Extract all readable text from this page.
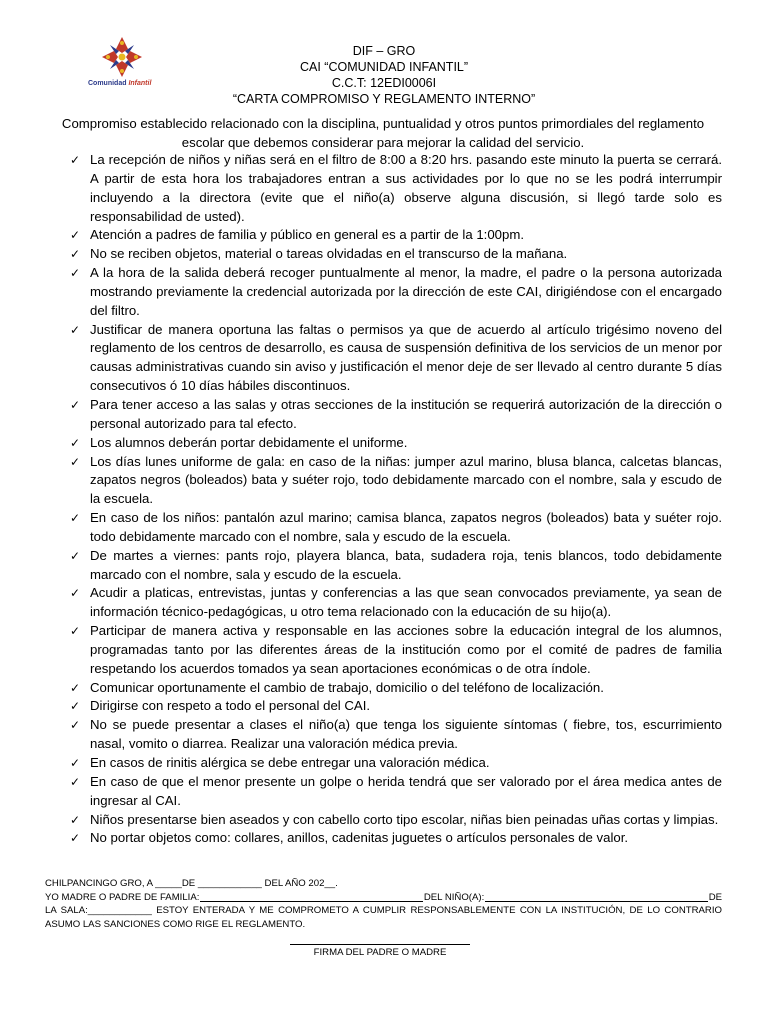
Comunidad Infantil
DIF – GRO
CAI “COMUNIDAD INFANTIL”
C.C.T: 12EDI0006I
“CARTA COMPROMISO Y REGLAMENTO INTERNO”
Compromiso establecido relacionado con la disciplina, puntualidad y otros puntos primordiales del reglamento escolar que debemos considerar para mejorar la calidad del servicio.
✓ La recepción de niños y niñas será en el filtro de 8:00 a 8:20 hrs. pasando este minuto la puerta se cerrará. A partir de esta hora los trabajadores entran a sus actividades por lo que no se les podrá interrumpir incluyendo a la directora (evite que el niño(a) observe alguna discusión, si llegó tarde solo es responsabilidad de usted).
✓ Atención a padres de familia y público en general es a partir de la 1:00pm.
✓ No se reciben objetos, material o tareas olvidadas en el transcurso de la mañana.
✓ A la hora de la salida deberá recoger puntualmente al menor, la madre, el padre o la persona autorizada mostrando previamente la credencial autorizada por la dirección de este CAI, dirigiéndose con el encargado del filtro.
✓ Justificar de manera oportuna las faltas o permisos ya que de acuerdo al artículo trigésimo noveno del reglamento de los centros de desarrollo, es causa de suspensión definitiva de los servicios de un menor por causas administrativas cuando sin aviso y justificación el menor deje de ser llevado al centro durante 5 días consecutivos ó 10 días hábiles discontinuos.
✓ Para tener acceso a las salas y otras secciones de la institución se requerirá autorización de la dirección o personal autorizado para tal efecto.
✓ Los alumnos deberán portar debidamente el uniforme.
✓ Los días lunes uniforme de gala: en caso de la niñas: jumper azul marino, blusa blanca, calcetas blancas, zapatos negros (boleados) bata y suéter rojo, todo debidamente marcado con el nombre, sala y escudo de la escuela.
✓ En caso de los niños: pantalón azul marino; camisa blanca, zapatos negros (boleados) bata y suéter rojo. todo debidamente marcado con el nombre, sala y escudo de la escuela.
✓ De martes a viernes: pants rojo, playera blanca, bata, sudadera roja, tenis blancos, todo debidamente marcado con el nombre, sala y escudo de la escuela.
✓ Acudir a platicas, entrevistas, juntas y conferencias a las que sean convocados previamente, ya sean de información técnico-pedagógicas, u otro tema relacionado con la educación de su hijo(a).
✓ Participar de manera activa y responsable en las acciones sobre la educación integral de los alumnos, programadas tanto por las diferentes áreas de la institución como por el comité de padres de familia respetando los acuerdos tomados ya sean aportaciones económicas o de otra índole.
✓ Comunicar oportunamente el cambio de trabajo, domicilio o del teléfono de localización.
✓ Dirigirse con respeto a todo el personal del CAI.
✓ No se puede presentar a clases el niño(a) que tenga los siguiente síntomas ( fiebre, tos, escurrimiento nasal, vomito o diarrea. Realizar una valoración médica previa.
✓ En casos de rinitis alérgica se debe entregar una valoración médica.
✓ En caso de que el menor presente un golpe o herida tendrá que ser valorado por el área medica antes de ingresar al CAI.
✓ Niños presentarse bien aseados y con cabello corto tipo escolar, niñas bien peinadas uñas cortas y limpias.
✓ No portar objetos como: collares, anillos, cadenitas juguetes o artículos personales de valor.
CHILPANCINGO GRO, A _____DE ____________ DEL AÑO 202__.
YO MADRE O PADRE DE FAMILIA:	DEL NIÑO(A):	DE
LA SALA:____________ ESTOY ENTERADA Y ME COMPROMETO A CUMPLIR RESPONSABLEMENTE CON LA INSTITUCIÓN, DE LO CONTRARIO ASUMO LAS SANCIONES COMO RIGE EL REGLAMENTO.
FIRMA DEL PADRE O MADRE
